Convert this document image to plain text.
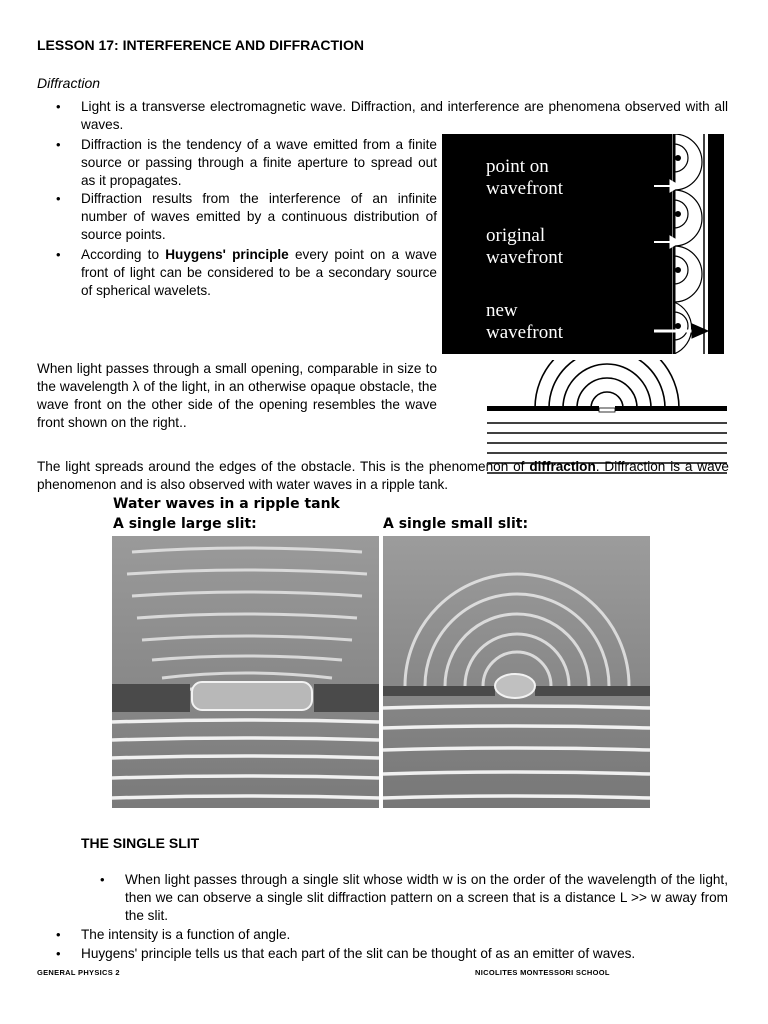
LESSON 17: INTERFERENCE AND DIFFRACTION
Diffraction
• Light is a transverse electromagnetic wave. Diffraction, and interference are phenomena observed with all waves.
• Diffraction is the tendency of a wave emitted from a finite source or passing through a finite aperture to spread out as it propagates.
• Diffraction results from the interference of an infinite number of waves emitted by a continuous distribution of source points.
• According to Huygens' principle every point on a wave front of light can be considered to be a secondary source of spherical wavelets.
point on
wavefront
original
wavefront
new
wavefront
When light passes through a small opening, comparable in size to the wavelength λ of the light, in an otherwise opaque obstacle, the wave front on the other side of the opening resembles the wave front shown on the right..
The light spreads around the edges of the obstacle. This is the phenomenon of diffraction. Diffraction is a wave phenomenon and is also observed with water waves in a ripple tank.
Water waves in a ripple tank
A single large slit:	A single small slit:
THE SINGLE SLIT
• When light passes through a single slit whose width w is on the order of the wavelength of the light, then we can observe a single slit diffraction pattern on a screen that is a distance L >> w away from the slit.
• The intensity is a function of angle.
• Huygens' principle tells us that each part of the slit can be thought of as an emitter of waves.
GENERAL PHYSICS 2	NICOLITES MONTESSORI SCHOOL
